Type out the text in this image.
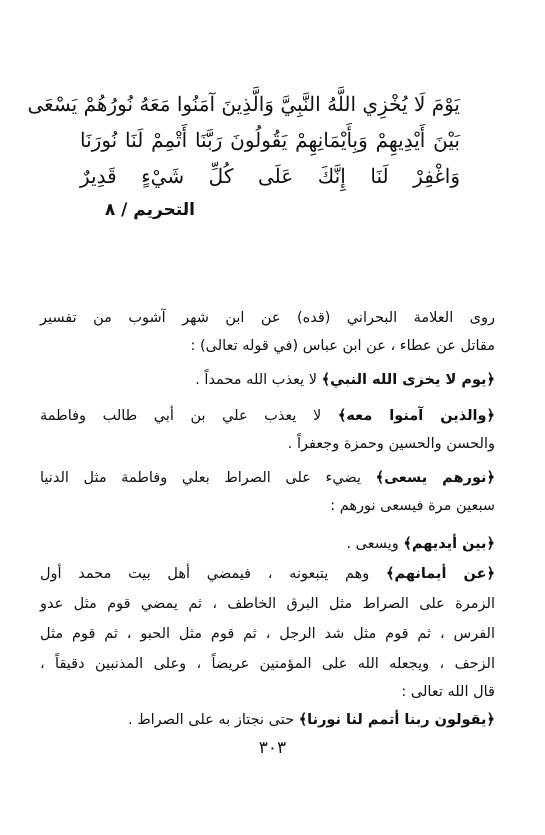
يَوْمَ لَا يُخْزِي اللَّهُ النَّبِيَّ وَالَّذِينَ آمَنُوا مَعَهُ نُورُهُمْ يَسْعَى
بَيْنَ أَيْدِيهِمْ وَبِأَيْمَانِهِمْ يَقُولُونَ رَبَّنَا أَتْمِمْ لَنَا نُورَنَا
وَاغْفِرْ لَنَا إِنَّكَ عَلَى كُلِّ شَيْءٍ قَدِيرٌ
التحريم / ٨
روى العلامة البحراني (قده) عن ابن شهر آشوب من تفسير
مقاتل عن عطاء ، عن ابن عباس (في قوله تعالى) :
﴿يوم لا يخزى الله النبي﴾ لا يعذب الله محمداً .
﴿والذين آمنوا معه﴾ لا يعذب علي بن أبي طالب وفاطمة
والحسن والحسين وحمزة وجعفراً .
﴿نورهم يسعى﴾ يضيء على الصراط بعلي وفاطمة مثل الدنيا
سبعين مرة فيسعى نورهم :
﴿بين أيديهم﴾ ويسعى .
﴿عن أيمانهم﴾ وهم يتبعونه ، فيمضي أهل بيت محمد أول
الزمرة على الصراط مثل البرق الخاطف ، ثم يمضي قوم مثل عدو
الفرس ، ثم قوم مثل شد الرجل ، ثم قوم مثل الحبو ، ثم قوم مثل
الزحف ، ويجعله الله على المؤمنين عريضاً ، وعلى المذنبين دقيقاً ،
قال الله تعالى :
﴿يقولون ربنا أتمم لنا نورنا﴾ حتى نجتاز به على الصراط .
٣٠٣
